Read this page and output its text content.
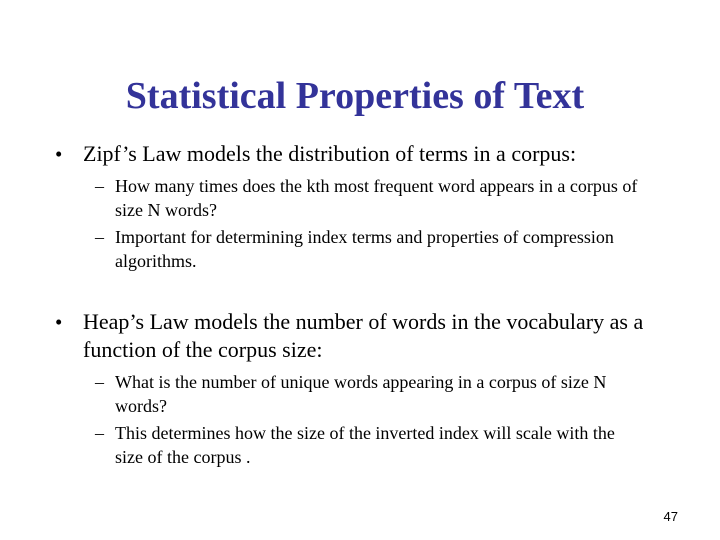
Statistical Properties of Text
• Zipf’s Law models the distribution of terms in a corpus:

– How many times does the kth most frequent word appears in a corpus of size N words?

– Important for determining index terms and properties of compression algorithms.

• Heap’s Law models the number of words in the vocabulary as a function of the corpus size:

– What is the number of unique words appearing in a corpus of size N words?

– This determines how the size of the inverted index will scale with the size of the corpus .

47
